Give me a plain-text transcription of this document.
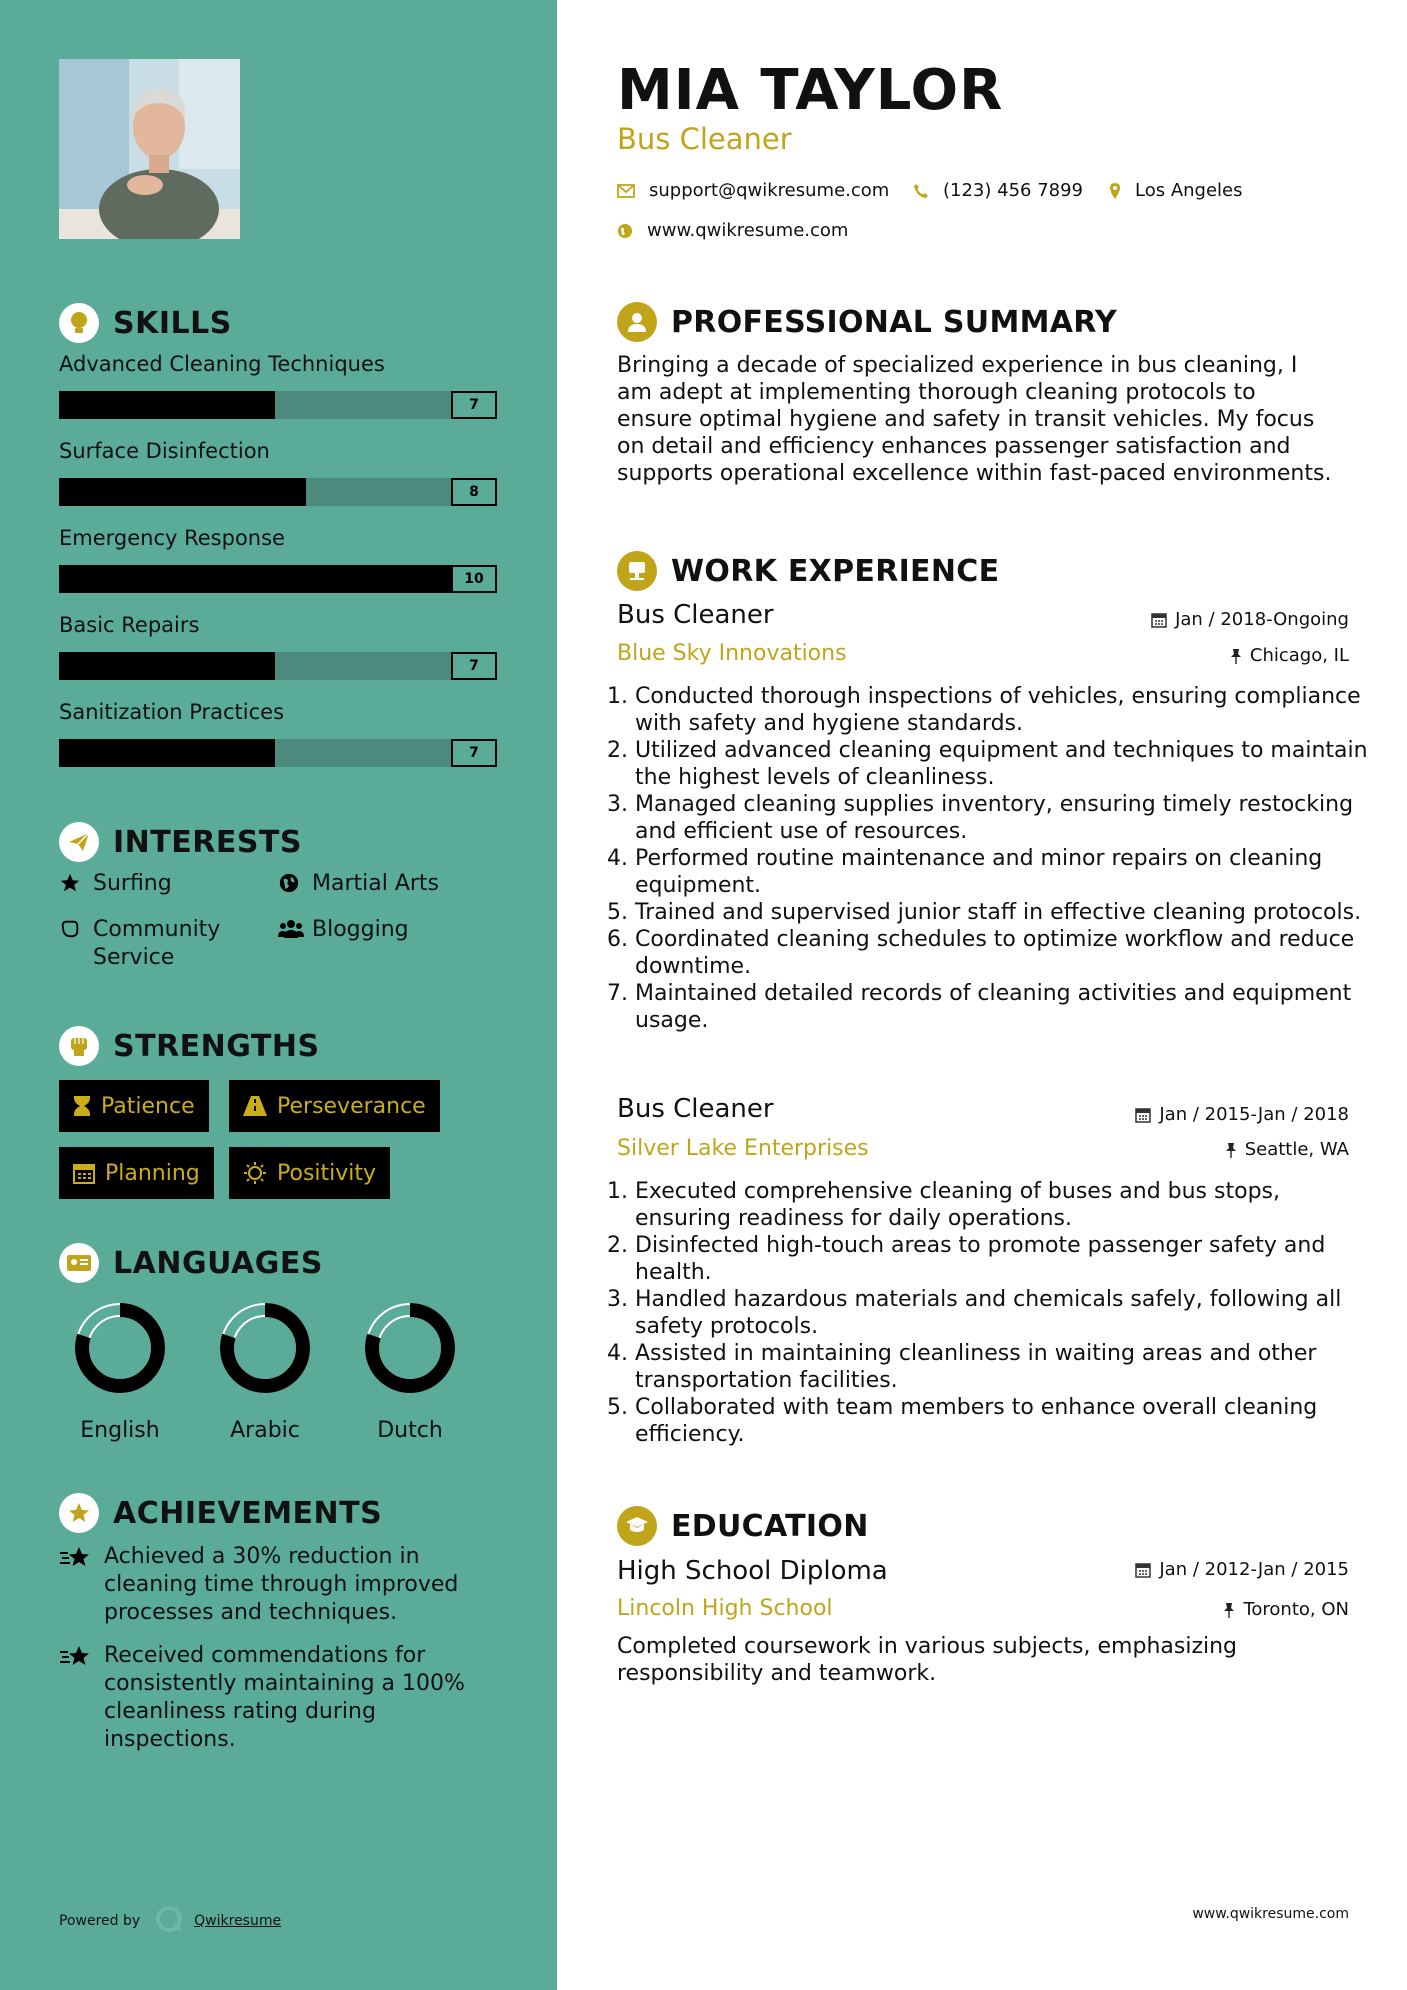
SKILLS
Advanced Cleaning Techniques
7
Surface Disinfection
8
Emergency Response
10
Basic Repairs
7
Sanitization Practices
7
INTERESTS
Surfing	Martial Arts
Community Service
Blogging
STRENGTHS
Patience	Perseverance
Planning	Positivity
LANGUAGES
English	Arabic	Dutch
ACHIEVEMENTS
Achieved a 30% reduction in cleaning time through improved processes and techniques.
Received commendations for consistently maintaining a 100% cleanliness rating during inspections.
Powered by	Qwikresume
MIA TAYLOR
Bus Cleaner
support@qwikresume.com	(123) 456 7899	Los Angeles
www.qwikresume.com
PROFESSIONAL SUMMARY
Bringing a decade of specialized experience in bus cleaning, I am adept at implementing thorough cleaning protocols to ensure optimal hygiene and safety in transit vehicles. My focus on detail and efficiency enhances passenger satisfaction and supports operational excellence within fast-paced environments.
WORK EXPERIENCE
Bus Cleaner	Jan / 2018-Ongoing
Blue Sky Innovations	Chicago, IL
1. Conducted thorough inspections of vehicles, ensuring compliance with safety and hygiene standards.
2. Utilized advanced cleaning equipment and techniques to maintain the highest levels of cleanliness.
3. Managed cleaning supplies inventory, ensuring timely restocking and efficient use of resources.
4. Performed routine maintenance and minor repairs on cleaning equipment.
5. Trained and supervised junior staff in effective cleaning protocols.
6. Coordinated cleaning schedules to optimize workflow and reduce downtime.
7. Maintained detailed records of cleaning activities and equipment usage.
Bus Cleaner	Jan / 2015-Jan / 2018
Silver Lake Enterprises	Seattle, WA
1. Executed comprehensive cleaning of buses and bus stops, ensuring readiness for daily operations.
2. Disinfected high-touch areas to promote passenger safety and health.
3. Handled hazardous materials and chemicals safely, following all safety protocols.
4. Assisted in maintaining cleanliness in waiting areas and other transportation facilities.
5. Collaborated with team members to enhance overall cleaning efficiency.
EDUCATION
High School Diploma	Jan / 2012-Jan / 2015
Lincoln High School	Toronto, ON
Completed coursework in various subjects, emphasizing responsibility and teamwork.
www.qwikresume.com
